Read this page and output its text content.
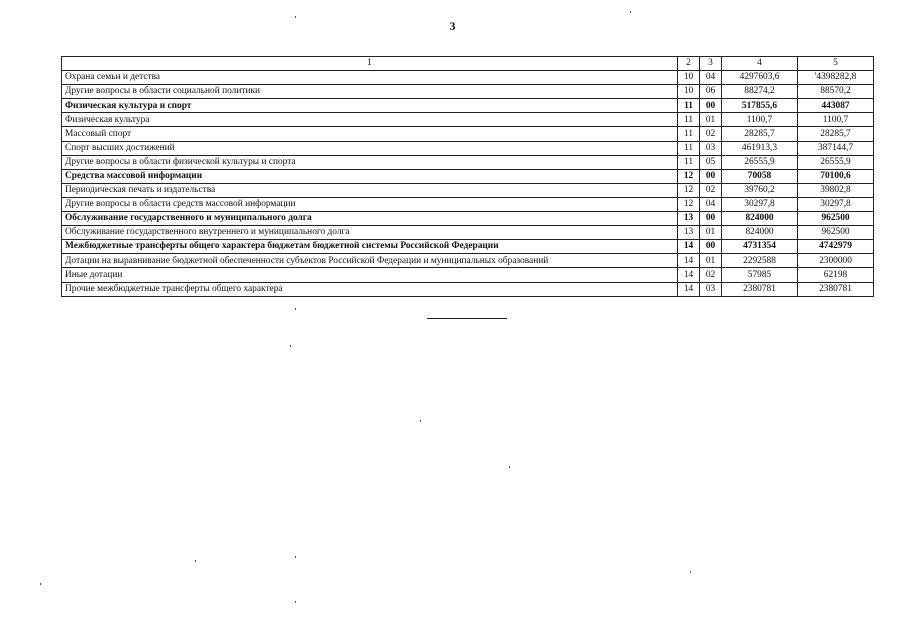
3
1	2	3	4	5
Охрана семьи и детства	10	04	4297603,6	'4398282,8
Другие вопросы в области социальной политики	10	06	88274,2	88570,2
Физическая культура и спорт	11	00	517855,6	443087
Физическая культура	11	01	1100,7	1100,7
Массовый спорт	11	02	28285,7	28285,7
Спорт высших достижений	11	03	461913,3	387144,7
Другие вопросы в области физической культуры и спорта	11	05	26555,9	26555,9
Средства массовой информации	12	00	70058	70100,6
Периодическая печать и издательства	12	02	39760,2	39802,8
Другие вопросы в области средств массовой информации	12	04	30297,8	30297,8
Обслуживание государственного и муниципального долга	13	00	824000	962500
Обслуживание государственного внутреннего и муниципального долга	13	01	824000	962500
Межбюджетные трансферты общего характера бюджетам бюджетной системы Российской Федерации	14	00	4731354	4742979
Дотации на выравнивание бюджетной обеспеченности субъектов Российской Федерации и муниципальных образований	14	01	2292588	2300000
Иные дотации	14	02	57985	62198
Прочие межбюджетные трансферты общего характера	14	03	2380781	2380781
